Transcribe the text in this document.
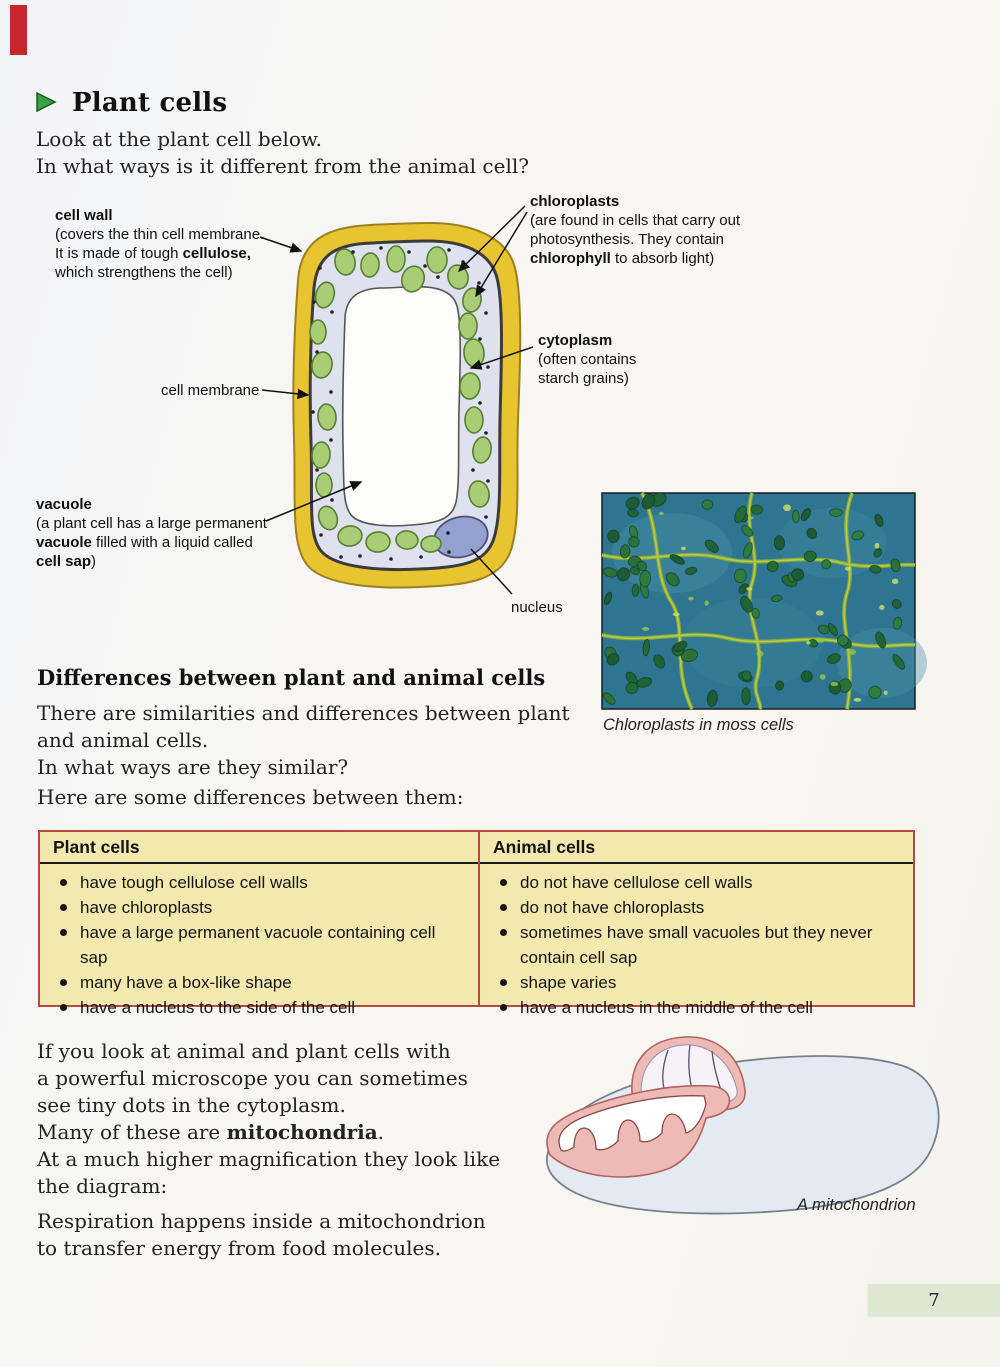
Plant cells
Look at the plant cell below.
In what ways is it different from the animal cell?
cell wall
(covers the thin cell membrane.
It is made of tough cellulose,
which strengthens the cell)
chloroplasts
(are found in cells that carry out
photosynthesis. They contain
chlorophyll to absorb light)
cytoplasm
(often contains
starch grains)
cell membrane
vacuole
(a plant cell has a large permanent
vacuole filled with a liquid called
cell sap)
nucleus
Chloroplasts in moss cells
Differences between plant and animal cells
There are similarities and differences between plant
and animal cells.
In what ways are they similar?
Here are some differences between them:
Plant cells
have tough cellulose cell walls
have chloroplasts
have a large permanent vacuole containing cell sap
many have a box-like shape
have a nucleus to the side of the cell
Animal cells
do not have cellulose cell walls
do not have chloroplasts
sometimes have small vacuoles but they never contain cell sap
shape varies
have a nucleus in the middle of the cell
If you look at animal and plant cells with
a powerful microscope you can sometimes
see tiny dots in the cytoplasm.
Many of these are mitochondria.
At a much higher magnification they look like
the diagram:
Respiration happens inside a mitochondrion
to transfer energy from food molecules.
A mitochondrion
7
